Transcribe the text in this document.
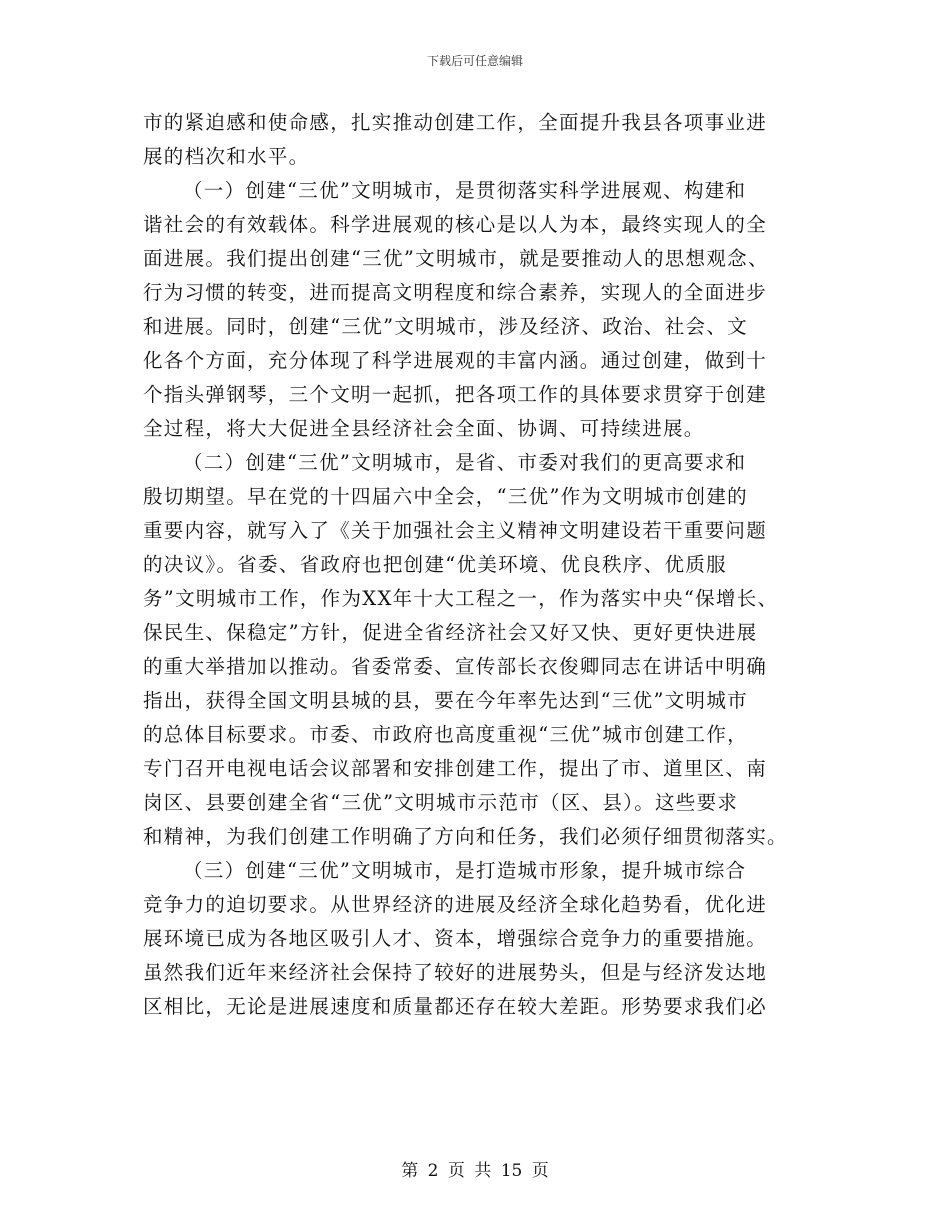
下载后可任意编辑
市的紧迫感和使命感，扎实推动创建工作，全面提升我县各项事业进
展的档次和水平。
（一）创建“三优”文明城市，是贯彻落实科学进展观、构建和
谐社会的有效载体。科学进展观的核心是以人为本，最终实现人的全
面进展。我们提出创建“三优”文明城市，就是要推动人的思想观念、
行为习惯的转变，进而提高文明程度和综合素养，实现人的全面进步
和进展。同时，创建“三优”文明城市，涉及经济、政治、社会、文
化各个方面，充分体现了科学进展观的丰富内涵。通过创建，做到十
个指头弹钢琴，三个文明一起抓，把各项工作的具体要求贯穿于创建
全过程，将大大促进全县经济社会全面、协调、可持续进展。
（二）创建“三优”文明城市，是省、市委对我们的更高要求和
殷切期望。早在党的十四届六中全会，“三优”作为文明城市创建的
重要内容，就写入了《关于加强社会主义精神文明建设若干重要问题
的决议》。省委、省政府也把创建“优美环境、优良秩序、优质服
务”文明城市工作，作为XX年十大工程之一，作为落实中央“保增长、
保民生、保稳定”方针，促进全省经济社会又好又快、更好更快进展
的重大举措加以推动。省委常委、宣传部长衣俊卿同志在讲话中明确
指出，获得全国文明县城的县，要在今年率先达到“三优”文明城市
的总体目标要求。市委、市政府也高度重视“三优”城市创建工作，
专门召开电视电话会议部署和安排创建工作，提出了市、道里区、南
岗区、县要创建全省“三优”文明城市示范市（区、县）。这些要求
和精神，为我们创建工作明确了方向和任务，我们必须仔细贯彻落实。
（三）创建“三优”文明城市，是打造城市形象，提升城市综合
竞争力的迫切要求。从世界经济的进展及经济全球化趋势看，优化进
展环境已成为各地区吸引人才、资本，增强综合竞争力的重要措施。
虽然我们近年来经济社会保持了较好的进展势头，但是与经济发达地
区相比，无论是进展速度和质量都还存在较大差距。形势要求我们必
第 2 页 共 15 页
